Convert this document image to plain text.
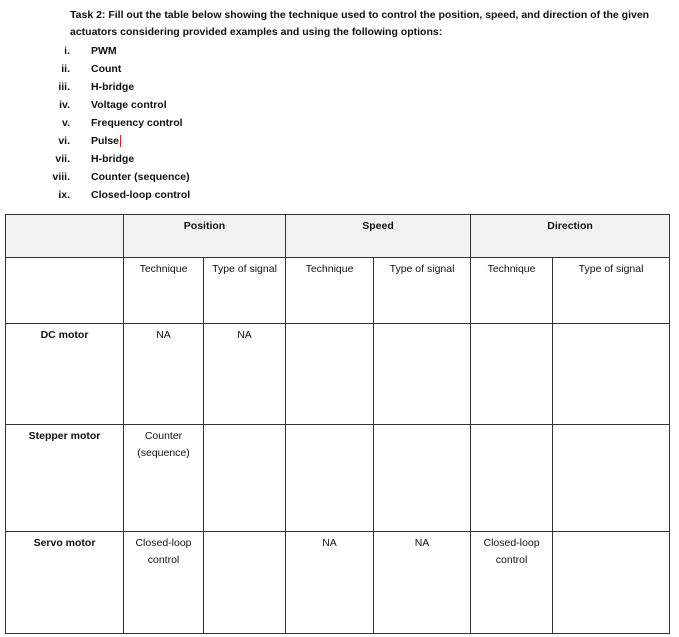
Task 2: Fill out the table below showing the technique used to control the position, speed, and direction of the given actuators considering provided examples and using the following options:
i.	PWM
ii.	Count
iii.	H-bridge
iv.	Voltage control
v.	Frequency control
vi.	Pulse
vii.	H-bridge
viii.	Counter (sequence)
ix.	Closed-loop control
	Position		Speed		Direction	
	Technique	Type of signal	Technique	Type of signal	Technique	Type of signal
DC motor	NA	NA				
Stepper motor	Counter (sequence)					
Servo motor	Closed-loop control		NA	NA	Closed-loop control	
